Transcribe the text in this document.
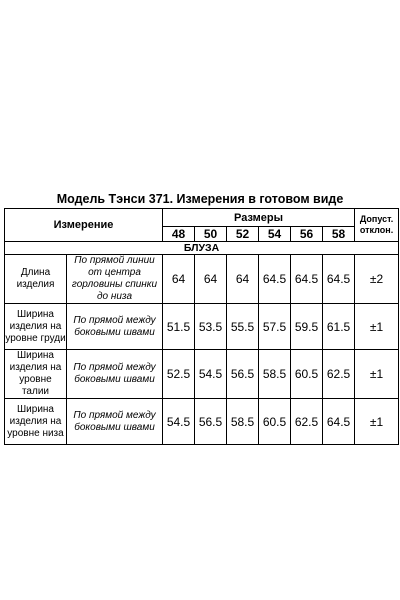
Модель Тэнси 371. Измерения в готовом виде
Измерение		Размеры						Допуст. отклон.
		48	50	52	54	56	58	
БЛУЗА								
Длина изделия	По прямой линии от центра горловины спинки до низа	64	64	64	64.5	64.5	64.5	±2
Ширина изделия на уровне груди	По прямой между боковыми швами	51.5	53.5	55.5	57.5	59.5	61.5	±1
Ширина изделия на уровне талии	По прямой между боковыми швами	52.5	54.5	56.5	58.5	60.5	62.5	±1
Ширина изделия на уровне низа	По прямой между боковыми швами	54.5	56.5	58.5	60.5	62.5	64.5	±1
